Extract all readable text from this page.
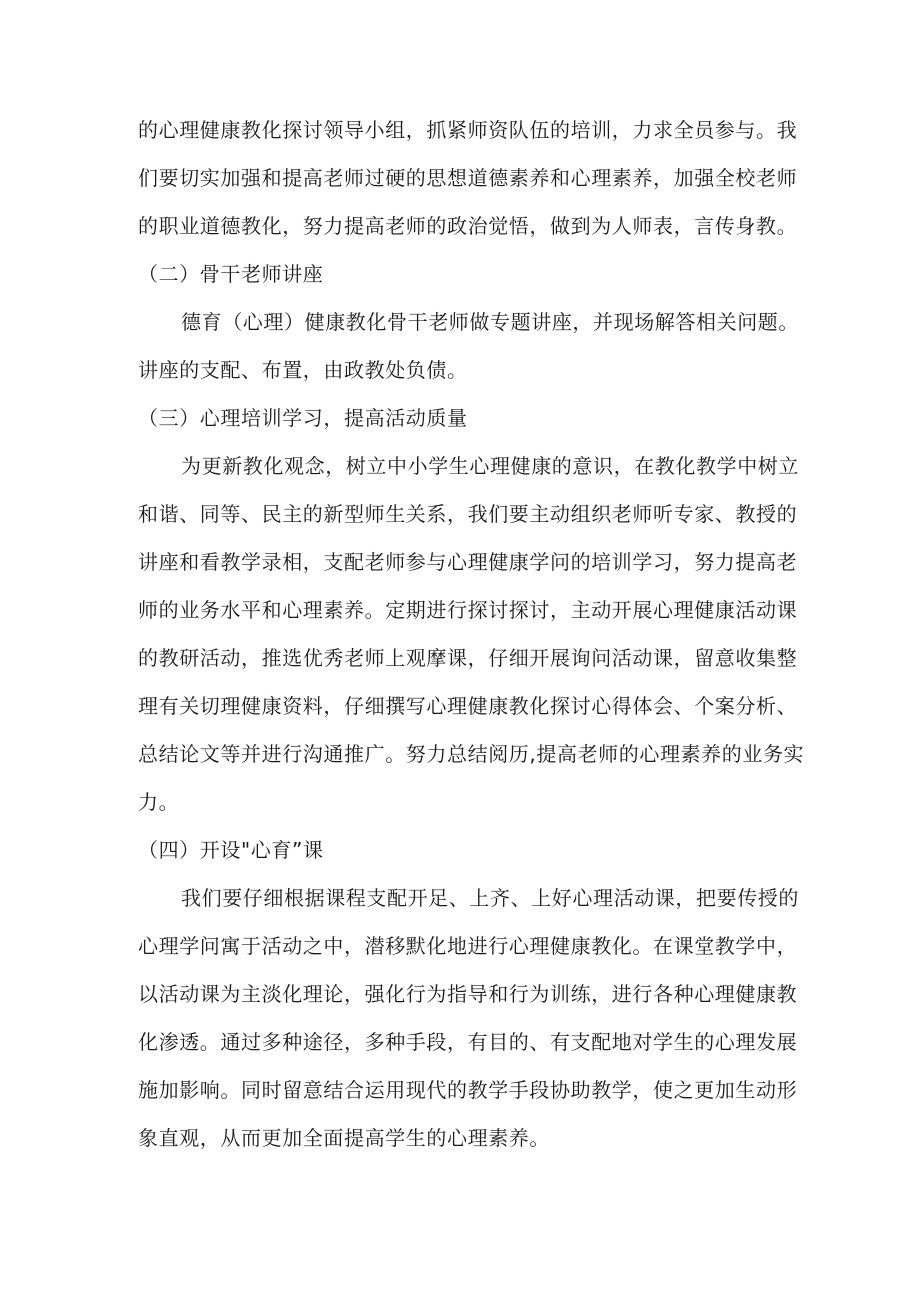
的心理健康教化探讨领导小组，抓紧师资队伍的培训，力求全员参与。我
们要切实加强和提高老师过硬的思想道德素养和心理素养，加强全校老师
的职业道德教化，努力提高老师的政治觉悟，做到为人师表，言传身教。
（二）骨干老师讲座
德育（心理）健康教化骨干老师做专题讲座，并现场解答相关问题。
讲座的支配、布置，由政教处负债。
（三）心理培训学习，提高活动质量
为更新教化观念，树立中小学生心理健康的意识，在教化教学中树立
和谐、同等、民主的新型师生关系，我们要主动组织老师听专家、教授的
讲座和看教学录相，支配老师参与心理健康学问的培训学习，努力提高老
师的业务水平和心理素养。定期进行探讨探讨，主动开展心理健康活动课
的教研活动，推选优秀老师上观摩课，仔细开展询问活动课，留意收集整
理有关切理健康资料，仔细撰写心理健康教化探讨心得体会、个案分析、
总结论文等并进行沟通推广。努力总结阅历,提高老师的心理素养的业务实
力。
（四）开设"心育”课
我们要仔细根据课程支配开足、上齐、上好心理活动课，把要传授的
心理学问寓于活动之中，潜移默化地进行心理健康教化。在课堂教学中，
以活动课为主淡化理论，强化行为指导和行为训练，进行各种心理健康教
化渗透。通过多种途径，多种手段，有目的、有支配地对学生的心理发展
施加影响。同时留意结合运用现代的教学手段协助教学，使之更加生动形
象直观，从而更加全面提高学生的心理素养。
